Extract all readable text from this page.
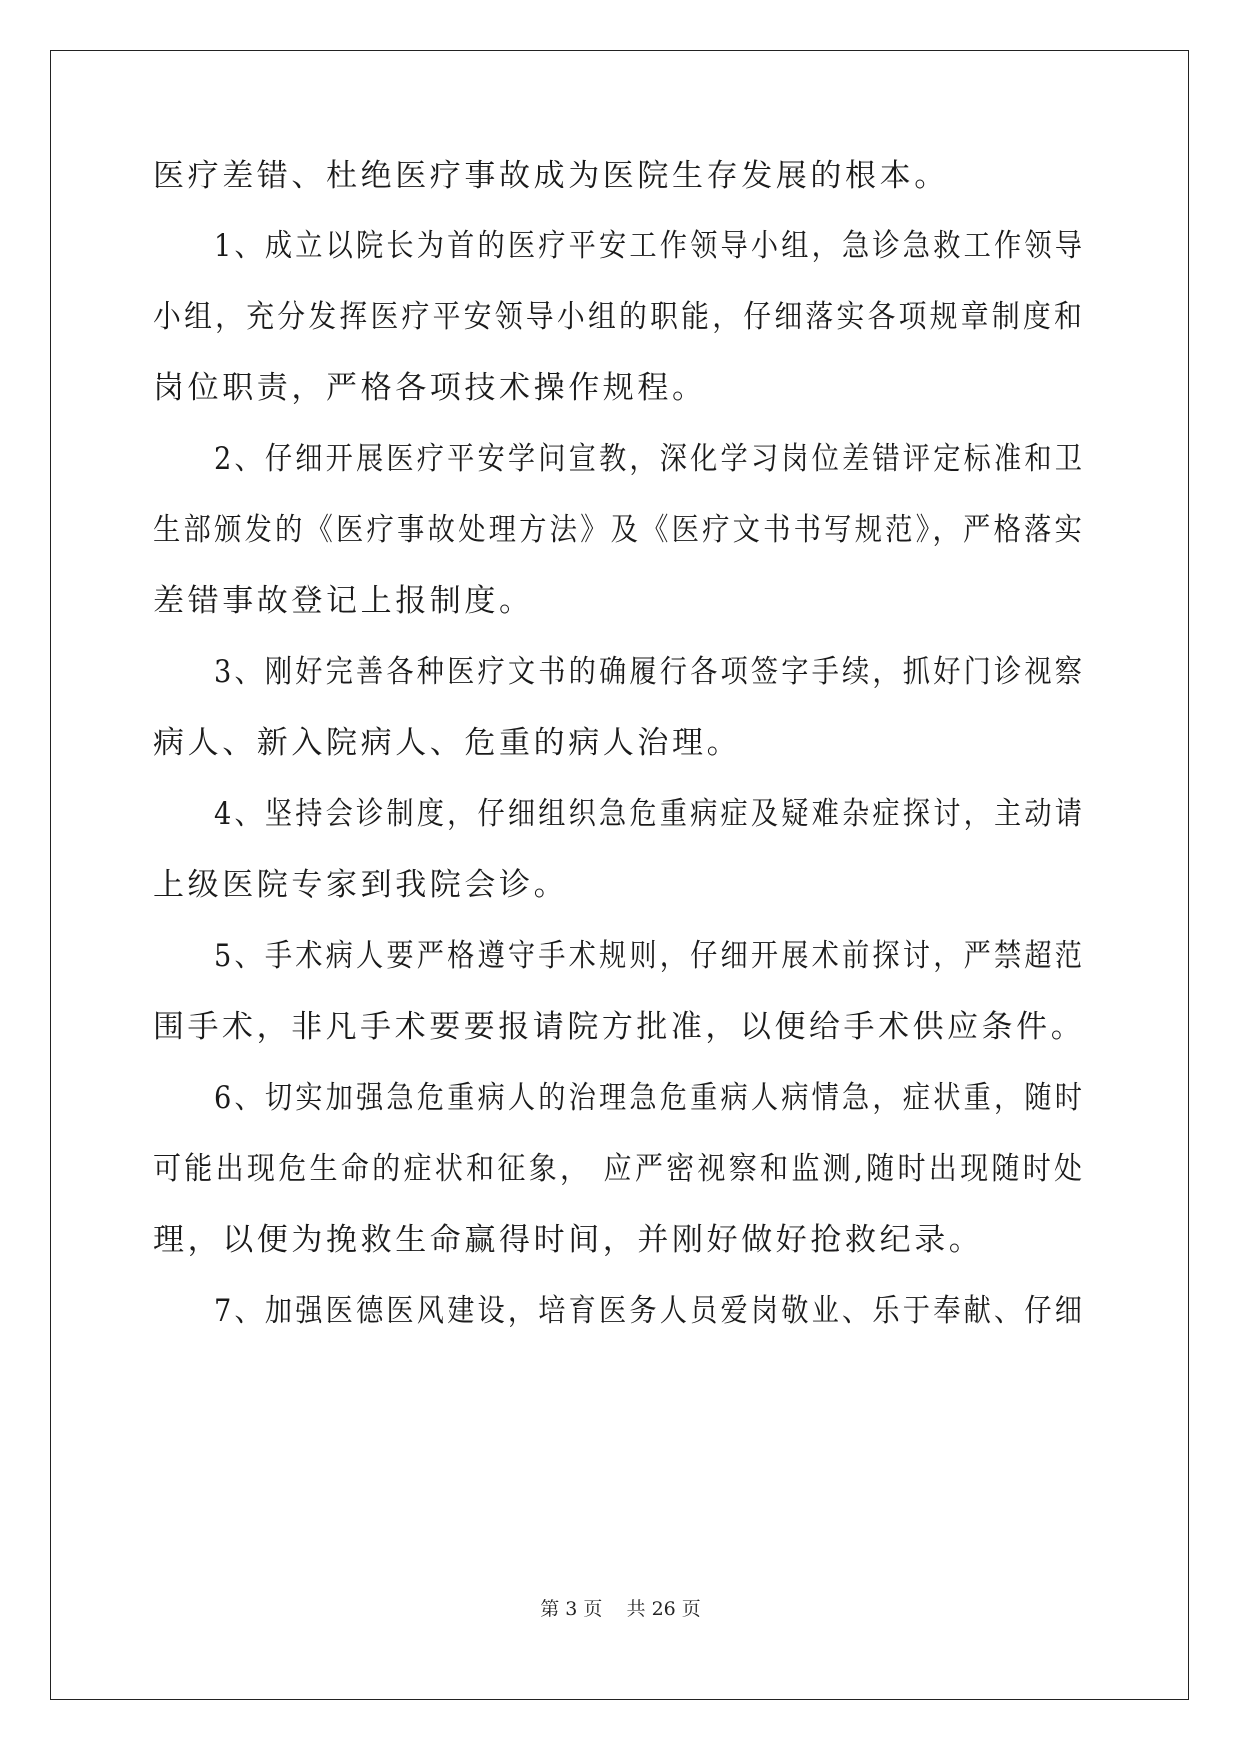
医疗差错、杜绝医疗事故成为医院生存发展的根本。
1、成立以院长为首的医疗平安工作领导小组，急诊急救工作领导
小组，充分发挥医疗平安领导小组的职能，仔细落实各项规章制度和
岗位职责，严格各项技术操作规程。
2、仔细开展医疗平安学问宣教，深化学习岗位差错评定标准和卫
生部颁发的《医疗事故处理方法》及《医疗文书书写规范》，严格落实
差错事故登记上报制度。
3、刚好完善各种医疗文书的确履行各项签字手续，抓好门诊视察
病人、新入院病人、危重的病人治理。
4、坚持会诊制度，仔细组织急危重病症及疑难杂症探讨，主动请
上级医院专家到我院会诊。
5、手术病人要严格遵守手术规则，仔细开展术前探讨，严禁超范
围手术，非凡手术要要报请院方批准，以便给手术供应条件。
6、切实加强急危重病人的治理急危重病人病情急，症状重，随时
可能出现危生命的症状和征象， 应严密视察和监测,随时出现随时处
理，以便为挽救生命赢得时间，并刚好做好抢救纪录。
7、加强医德医风建设，培育医务人员爱岗敬业、乐于奉献、仔细
第 3 页    共 26 页
